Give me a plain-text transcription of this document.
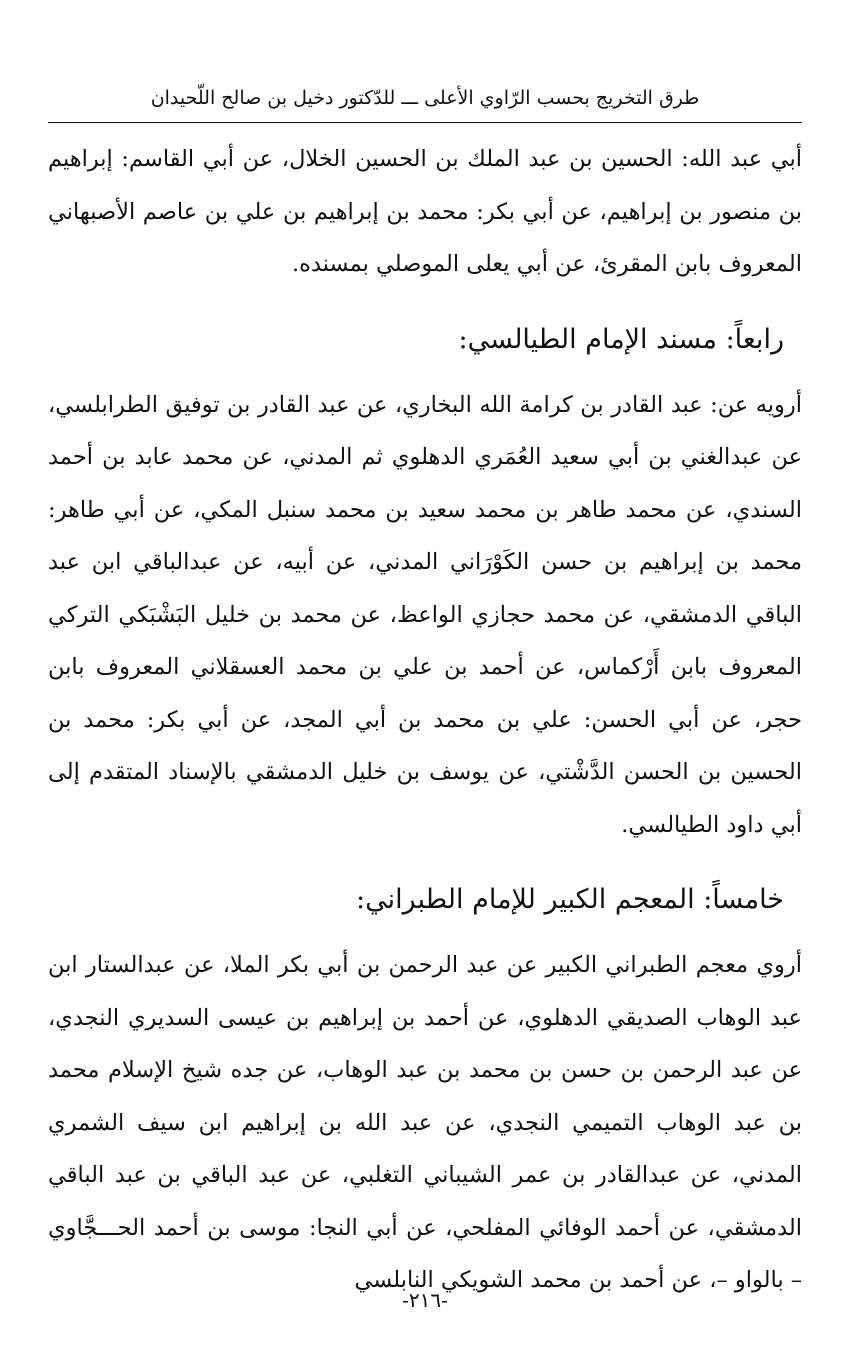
طرق التخريج بحسب الرّاوي الأعلى ـــ للدّكتور دخيل بن صالح اللّحيدان

أبي عبد الله: الحسين بن عبد الملك بن الحسين الخلال، عن أبي القاسم: إبراهيم بن منصور بن إبراهيم، عن أبي بكر: محمد بن إبراهيم بن علي بن عاصم الأصبهاني المعروف بابن المقرئ، عن أبي يعلى الموصلي بمسنده.

رابعاً: مسند الإمام الطيالسي:

أرويه عن: عبد القادر بن كرامة الله البخاري، عن عبد القادر بن توفيق الطرابلسي، عن عبدالغني بن أبي سعيد العُمَري الدهلوي ثم المدني، عن محمد عابد بن أحمد السندي، عن محمد طاهر بن محمد سعيد بن محمد سنبل المكي، عن أبي طاهر: محمد بن إبراهيم بن حسن الكَوْرَاني المدني، عن أبيه، عن عبدالباقي ابن عبد الباقي الدمشقي، عن محمد حجازي الواعظ، عن محمد بن خليل البَشْبَكي التركي المعروف بابن أَرْكماس، عن أحمد بن علي بن محمد العسقلاني المعروف بابن حجر، عن أبي الحسن: علي بن محمد بن أبي المجد، عن أبي بكر: محمد بن الحسين بن الحسن الدَّشْتي، عن يوسف بن خليل الدمشقي بالإسناد المتقدم إلى أبي داود الطيالسي.

خامساً: المعجم الكبير للإمام الطبراني:

أروي معجم الطبراني الكبير عن عبد الرحمن بن أبي بكر الملا، عن عبدالستار ابن عبد الوهاب الصديقي الدهلوي، عن أحمد بن إبراهيم بن عيسى السديري النجدي، عن عبد الرحمن بن حسن بن محمد بن عبد الوهاب، عن جده شيخ الإسلام محمد بن عبد الوهاب التميمي النجدي، عن عبد الله بن إبراهيم ابن سيف الشمري المدني، عن عبدالقادر بن عمر الشيباني التغلبي، عن عبد الباقي بن عبد الباقي الدمشقي، عن أحمد الوفائي المفلحي، عن أبي النجا: موسى بن أحمد الحـــجَّاوي – بالواو –، عن أحمد بن محمد الشويكي النابلسي

-٢١٦-
